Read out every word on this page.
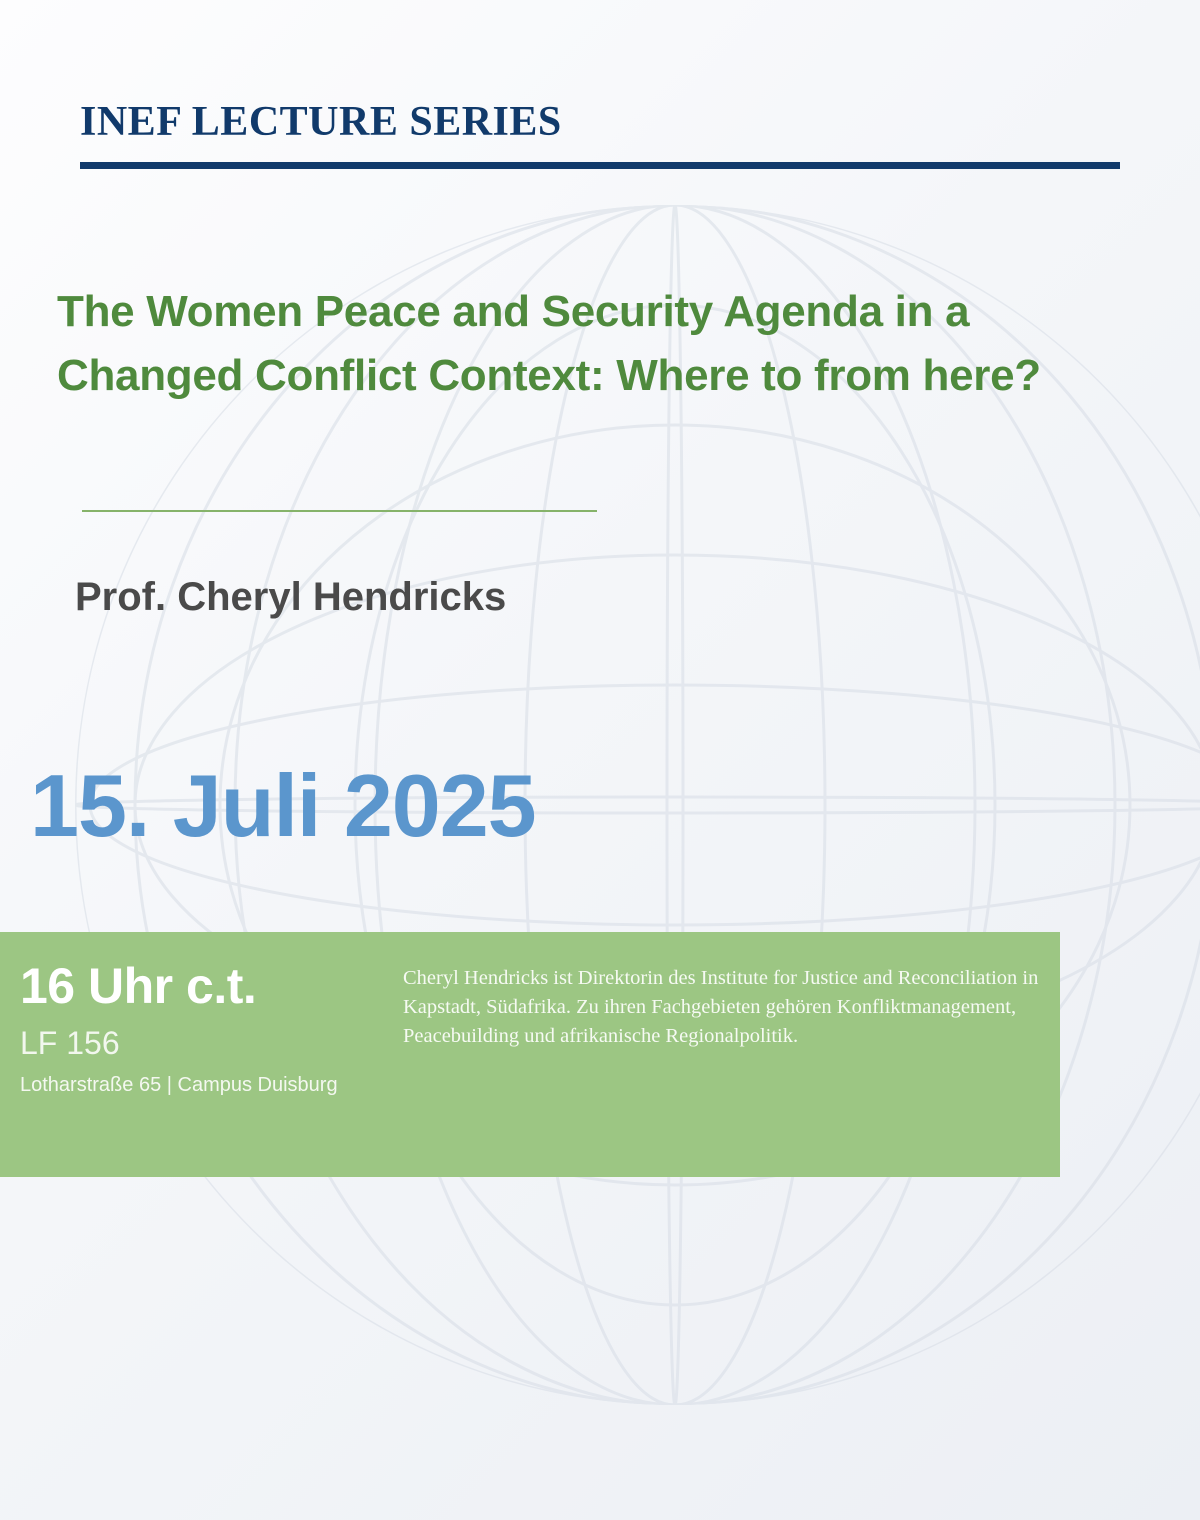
INEF LECTURE SERIES
The Women Peace and Security Agenda in a Changed Conflict Context: Where to from here?
Prof. Cheryl Hendricks
15. Juli 2025
16 Uhr c.t.
LF 156
Lotharstraße 65 | Campus Duisburg
Cheryl Hendricks ist Direktorin des Institute for Justice and Reconciliation in Kapstadt, Südafrika. Zu ihren Fachgebieten gehören Konfliktmanagement, Peacebuilding und afrikanische Regionalpolitik.
